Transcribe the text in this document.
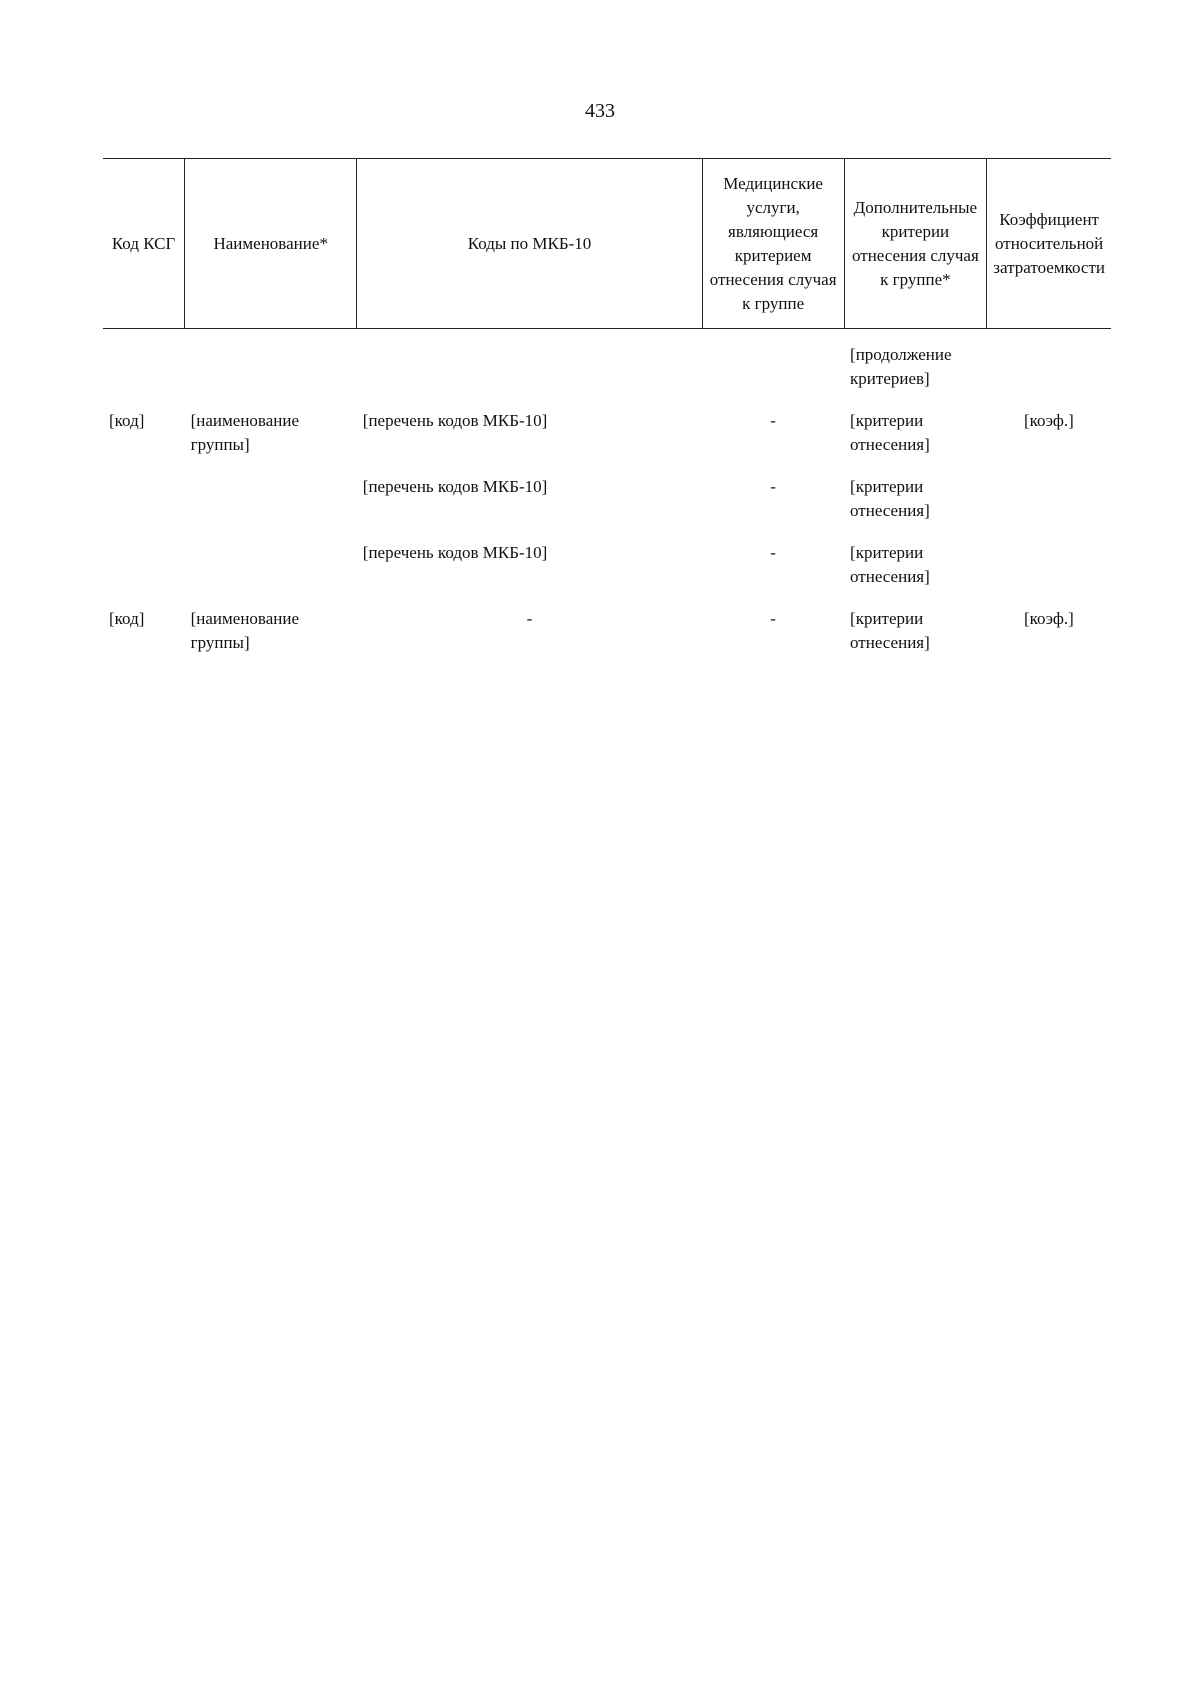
433
Код КСГ	Наименование*	Коды по МКБ-10	Медицинские услуги, являющиеся критерием отнесения случая к группе	Дополнительные критерии отнесения случая к группе*	Коэффициент относительной затратоемкости
				[продолжение критериев]	
[код]	[наименование группы]	[перечень кодов МКБ-10]	-	[критерии отнесения]	[коэф.]
		[перечень кодов МКБ-10]	-	[критерии отнесения]	
		[перечень кодов МКБ-10]	-	[критерии отнесения]	
[код]	[наименование группы]	-	-	[критерии отнесения]	[коэф.]
